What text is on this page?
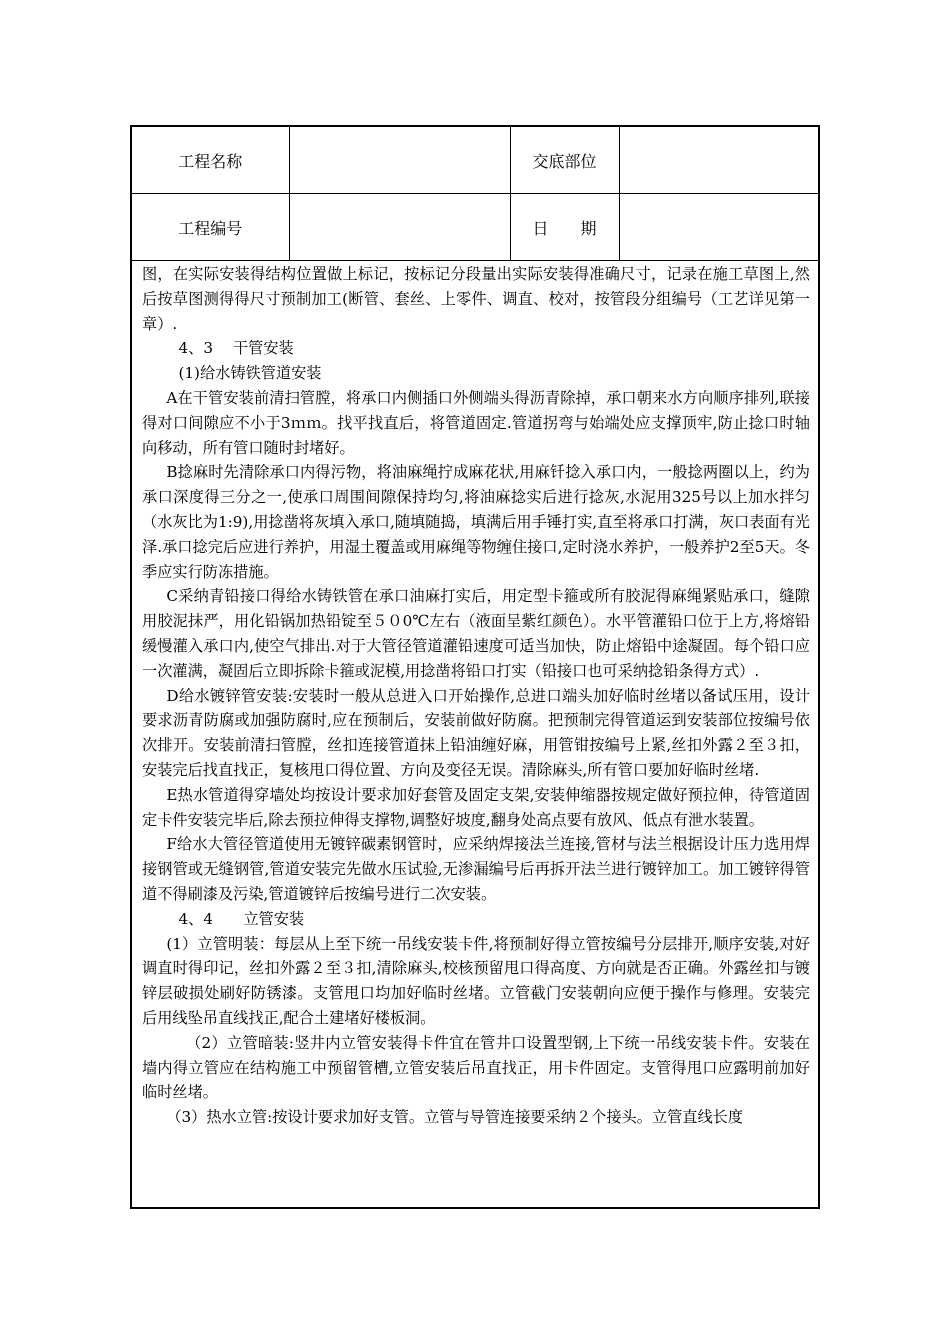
工程名称		交底部位	
工程编号		日　　期	

图，在实际安装得结构位置做上标记，按标记分段量出实际安装得准确尺寸，记录在施工草图上,然后按草图测得得尺寸预制加工(断管、套丝、上零件、调直、校对，按管段分组编号（工艺详见第一章）.

4、3　 干管安装

(1)给水铸铁管道安装

A在干管安装前清扫管膛，将承口内侧插口外侧端头得沥青除掉，承口朝来水方向顺序排列,联接得对口间隙应不小于3ｍｍ。找平找直后，将管道固定.管道拐弯与始端处应支撑顶牢,防止捻口时轴向移动，所有管口随时封堵好。

B捻麻时先清除承口内得污物，将油麻绳拧成麻花状,用麻钎捻入承口内，一般捻两圈以上，约为承口深度得三分之一,使承口周围间隙保持均匀,将油麻捻实后进行捻灰,水泥用325号以上加水拌匀（水灰比为1:9),用捻凿将灰填入承口,随填随捣，填满后用手锤打实,直至将承口打满，灰口表面有光泽.承口捻完后应进行养护，用湿土覆盖或用麻绳等物缠住接口,定时浇水养护，一般养护2至5天。冬季应实行防冻措施。

C采纳青铅接口得给水铸铁管在承口油麻打实后，用定型卡箍或所有胶泥得麻绳紧贴承口，缝隙用胶泥抹严，用化铅锅加热铅锭至５０0℃左右（液面呈紫红颜色）。水平管灌铅口位于上方,将熔铅缓慢灌入承口内,使空气排出.对于大管径管道灌铅速度可适当加快，防止熔铅中途凝固。每个铅口应一次灌满，凝固后立即拆除卡箍或泥模,用捻凿将铅口打实（铅接口也可采纳捻铅条得方式）.

D给水镀锌管安装:安装时一般从总进入口开始操作,总进口端头加好临时丝堵以备试压用，设计要求沥青防腐或加强防腐时,应在预制后，安装前做好防腐。把预制完得管道运到安装部位按编号依次排开。安装前清扫管膛，丝扣连接管道抹上铅油缠好麻，用管钳按编号上紧,丝扣外露２至３扣，安装完后找直找正，复核甩口得位置、方向及变径无误。清除麻头,所有管口要加好临时丝堵.

E热水管道得穿墙处均按设计要求加好套管及固定支架,安装伸缩器按规定做好预拉伸，待管道固定卡件安装完毕后,除去预拉伸得支撑物,调整好坡度,翻身处高点要有放风、低点有泄水装置。

F给水大管径管道使用无镀锌碳素钢管时，应采纳焊接法兰连接,管材与法兰根据设计压力选用焊接钢管或无缝钢管,管道安装完先做水压试验,无渗漏编号后再拆开法兰进行镀锌加工。加工镀锌得管道不得刷漆及污染,管道镀锌后按编号进行二次安装。

4、4　　立管安装

(1）立管明装：每层从上至下统一吊线安装卡件,将预制好得立管按编号分层排开,顺序安装,对好调直时得印记，丝扣外露２至３扣,清除麻头,校核预留甩口得高度、方向就是否正确。外露丝扣与镀锌层破损处刷好防锈漆。支管甩口均加好临时丝堵。立管截门安装朝向应便于操作与修理。安装完后用线坠吊直线找正,配合土建堵好楼板洞。

（2）立管暗装:竖井内立管安装得卡件宜在管井口设置型钢,上下统一吊线安装卡件。安装在墙内得立管应在结构施工中预留管槽,立管安装后吊直找正，用卡件固定。支管得甩口应露明前加好临时丝堵。

（3）热水立管:按设计要求加好支管。立管与导管连接要采纳２个接头。立管直线长度
